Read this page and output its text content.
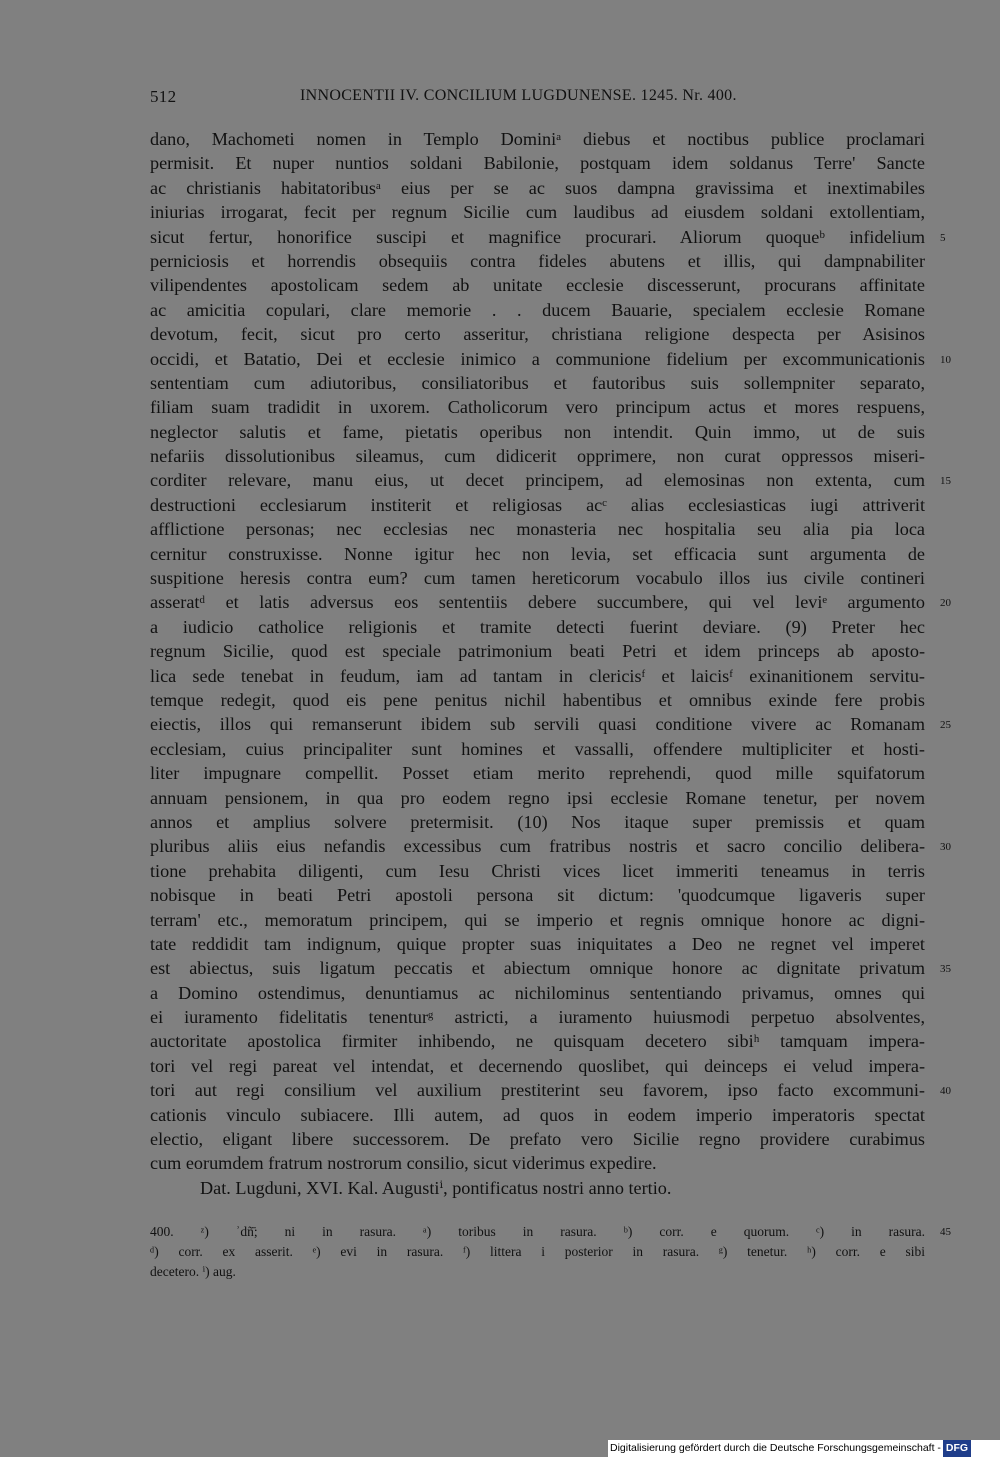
512	INNOCENTII IV. CONCILIUM LUGDUNENSE. 1245. Nr. 400.
dano, Machometi nomen in Templo Dominiᵃ diebus et noctibus publice proclamari
permisit. Et nuper nuntios soldani Babilonie, postquam idem soldanus Terre' Sancte
ac christianis habitatoribusᵃ eius per se ac suos dampna gravissima et inextimabiles
iniurias irrogarat, fecit per regnum Sicilie cum laudibus ad eiusdem soldani extollentiam,
sicut fertur, honorifice suscipi et magnifice procurari. Aliorum quoqueᵇ infidelium 5
perniciosis et horrendis obsequiis contra fideles abutens et illis, qui dampnabiliter
vilipendentes apostolicam sedem ab unitate ecclesie discesserunt, procurans affinitate
ac amicitia copulari, clare memorie . . ducem Bauarie, specialem ecclesie Romane
devotum, fecit, sicut pro certo asseritur, christiana religione despecta per Asisinos
occidi, et Batatio, Dei et ecclesie inimico a communione fidelium per excommunicationis 10
sententiam cum adiutoribus, consiliatoribus et fautoribus suis sollempniter separato,
filiam suam tradidit in uxorem. Catholicorum vero principum actus et mores respuens,
neglector salutis et fame, pietatis operibus non intendit. Quin immo, ut de suis
nefariis dissolutionibus sileamus, cum didicerit opprimere, non curat oppressos miseri-
corditer relevare, manu eius, ut decet principem, ad elemosinas non extenta, cum 15
destructioni ecclesiarum institerit et religiosas acᶜ alias ecclesiasticas iugi attriverit
afflictione personas; nec ecclesias nec monasteria nec hospitalia seu alia pia loca
cernitur construxisse. Nonne igitur hec non levia, set efficacia sunt argumenta de
suspitione heresis contra eum? cum tamen hereticorum vocabulo illos ius civile contineri
asseratᵈ et latis adversus eos sententiis debere succumbere, qui vel leviᵉ argumento 20
a iudicio catholice religionis et tramite detecti fuerint deviare. (9) Preter hec
regnum Sicilie, quod est speciale patrimonium beati Petri et idem princeps ab aposto-
lica sede tenebat in feudum, iam ad tantam in clericisᶠ et laicisᶠ exinanitionem servitu-
temque redegit, quod eis pene penitus nichil habentibus et omnibus exinde fere probis
eiectis, illos qui remanserunt ibidem sub servili quasi conditione vivere ac Romanam 25
ecclesiam, cuius principaliter sunt homines et vassalli, offendere multipliciter et hosti-
liter impugnare compellit. Posset etiam merito reprehendi, quod mille squifatorum
annuam pensionem, in qua pro eodem regno ipsi ecclesie Romane tenetur, per novem
annos et amplius solvere pretermisit. (10) Nos itaque super premissis et quam
pluribus aliis eius nefandis excessibus cum fratribus nostris et sacro concilio delibera- 30
tione prehabita diligenti, cum Iesu Christi vices licet immeriti teneamus in terris
nobisque in beati Petri apostoli persona sit dictum: 'quodcumque ligaveris super
terram' etc., memoratum principem, qui se imperio et regnis omnique honore ac digni-
tate reddidit tam indignum, quique propter suas iniquitates a Deo ne regnet vel imperet
est abiectus, suis ligatum peccatis et abiectum omnique honore ac dignitate privatum 35
a Domino ostendimus, denuntiamus ac nichilominus sententiando privamus, omnes qui
ei iuramento fidelitatis tenenturᵍ astricti, a iuramento huiusmodi perpetuo absolventes,
auctoritate apostolica firmiter inhibendo, ne quisquam decetero sibiʰ tamquam impera-
tori vel regi pareat vel intendat, et decernendo quoslibet, qui deinceps ei velud impera-
tori aut regi consilium vel auxilium prestiterint seu favorem, ipso facto excommuni- 40
cationis vinculo subiacere. Illi autem, ad quos in eodem imperio imperatoris spectat
electio, eligant libere successorem. De prefato vero Sicilie regno providere curabimus
cum eorumdem fratrum nostrorum consilio, sicut viderimus expedire.
Dat. Lugduni, XVI. Kal. Augustiⁱ, pontificatus nostri anno tertio.
400. ᶻ) ʾdñ̄; ni in rasura. ᵃ) toribus in rasura. ᵇ) corr. e quorum. ᶜ) in rasura. 45
ᵈ) corr. ex asserit. ᵉ) evi in rasura. ᶠ) littera i posterior in rasura. ᵍ) tenetur. ʰ) corr. e sibi
decetero. ⁱ) aug.
Digitalisierung gefördert durch die Deutsche Forschungsgemeinschaft - DFG
